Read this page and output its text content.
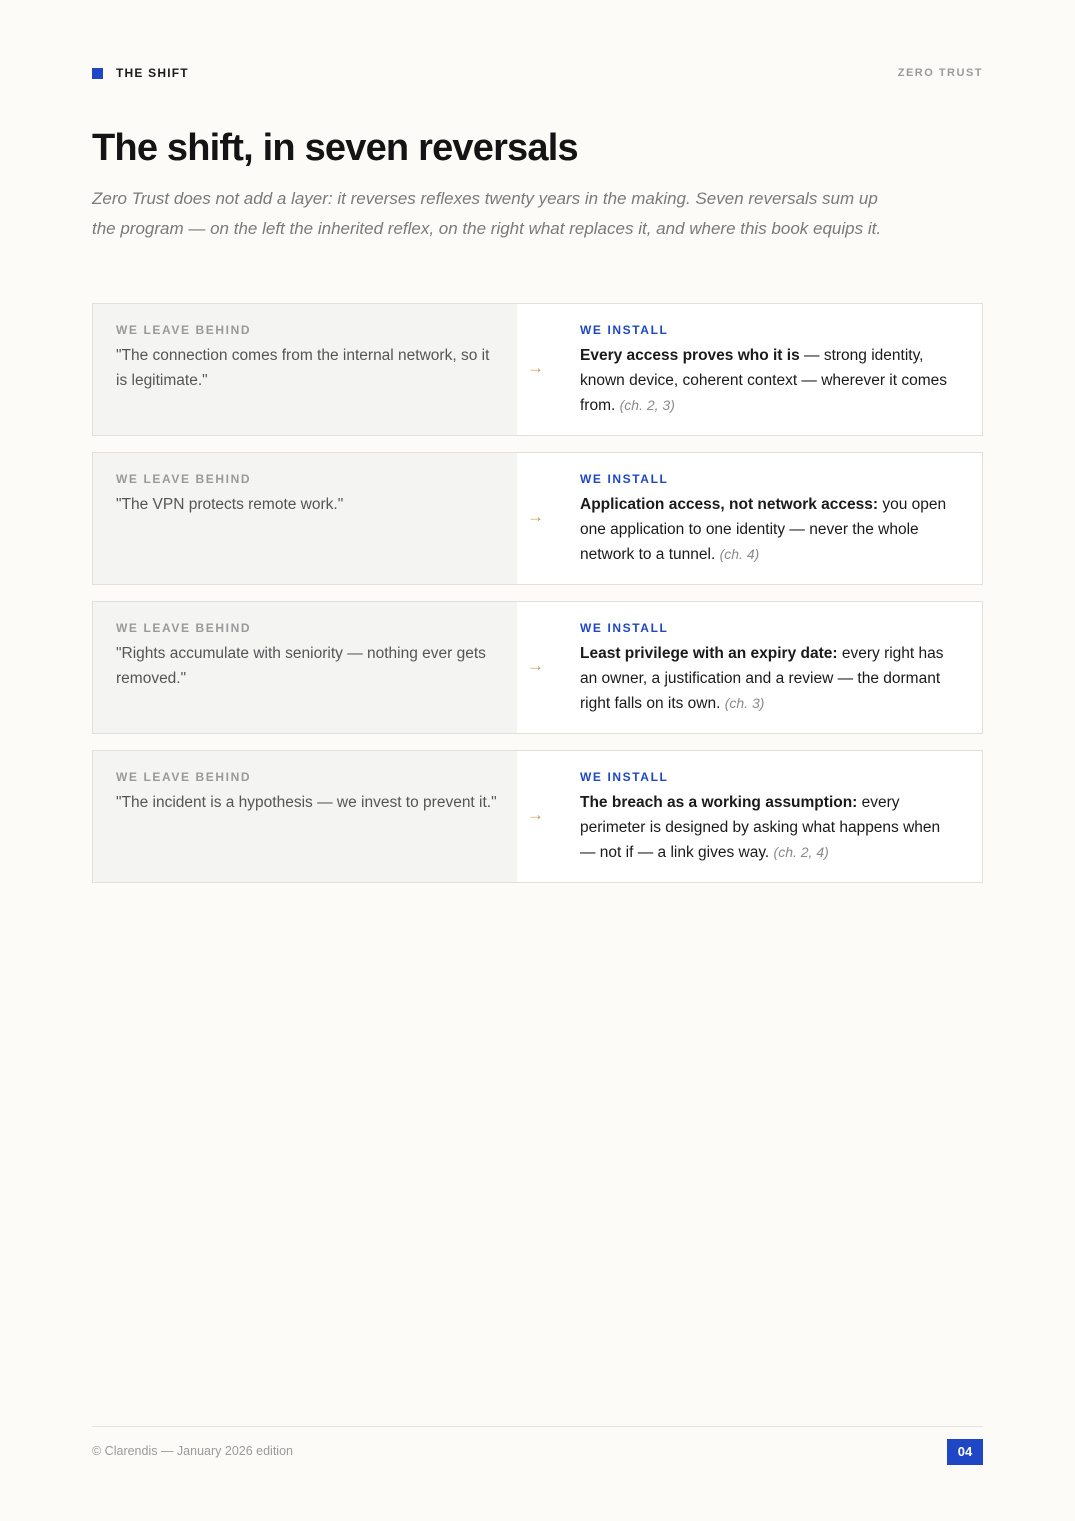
THE SHIFT	ZERO TRUST
The shift, in seven reversals

Zero Trust does not add a layer: it reverses reflexes twenty years in the making. Seven reversals sum up the program — on the left the inherited reflex, on the right what replaces it, and where this book equips it.

WE LEAVE BEHIND
"The connection comes from the internal network, so it is legitimate."
→
WE INSTALL
Every access proves who it is — strong identity, known device, coherent context — wherever it comes from. (ch. 2, 3)
WE LEAVE BEHIND
"The VPN protects remote work."
→
WE INSTALL
Application access, not network access: you open one application to one identity — never the whole network to a tunnel. (ch. 4)
WE LEAVE BEHIND
"Rights accumulate with seniority — nothing ever gets removed."
→
WE INSTALL
Least privilege with an expiry date: every right has an owner, a justification and a review — the dormant right falls on its own. (ch. 3)
WE LEAVE BEHIND
"The incident is a hypothesis — we invest to prevent it."
→
WE INSTALL
The breach as a working assumption: every perimeter is designed by asking what happens when — not if — a link gives way. (ch. 2, 4)
© Clarendis — January 2026 edition	04
